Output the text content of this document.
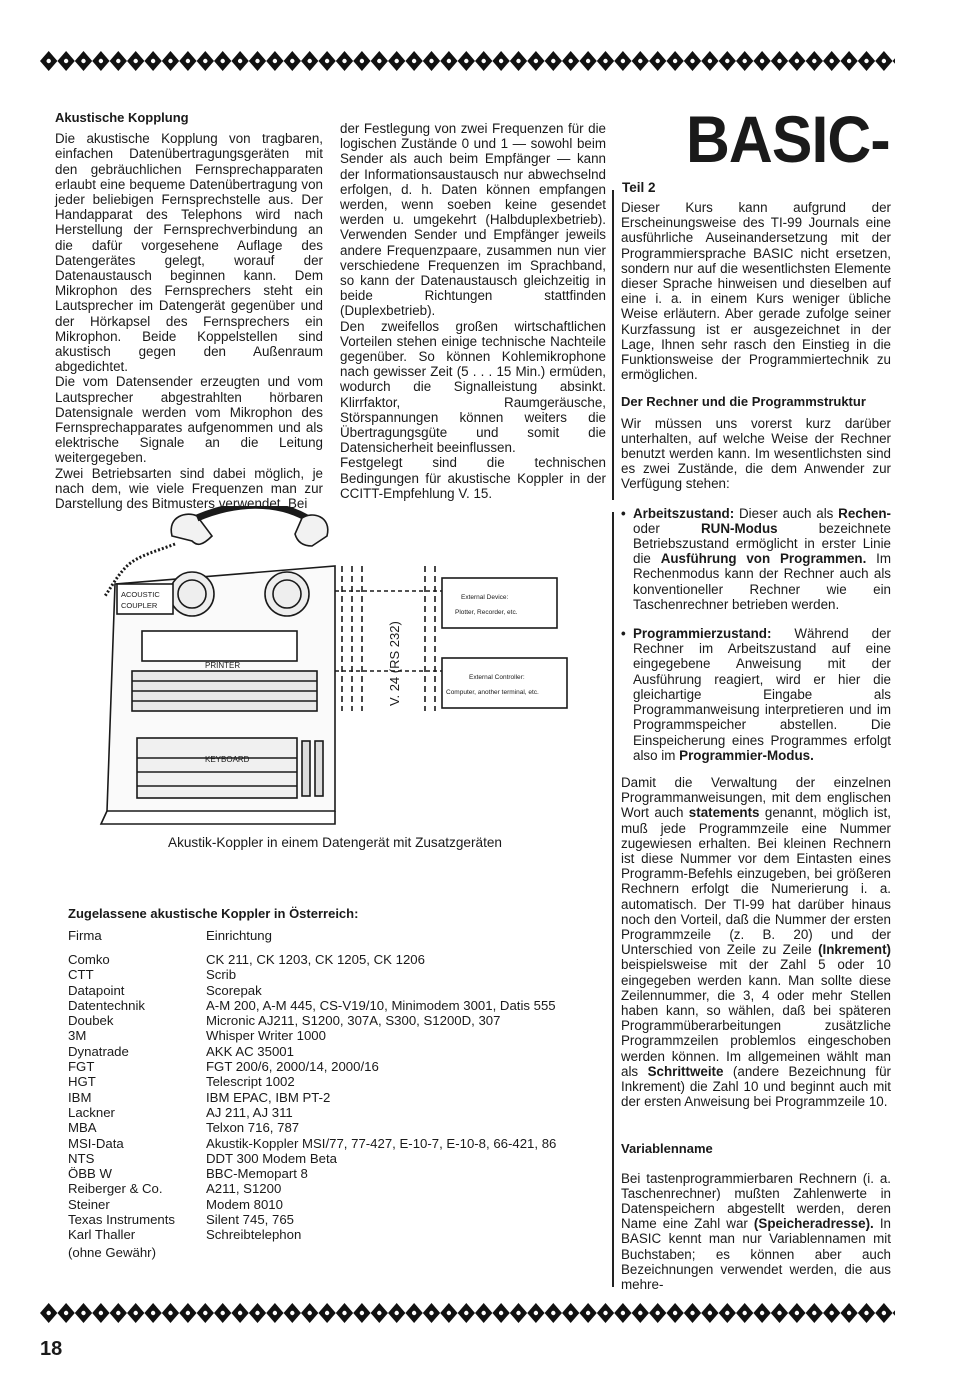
Akustische Kopplung

Die akustische Kopplung von tragbaren, einfachen Datenübertragungsgeräten mit den gebräuchlichen Fernsprechapparaten erlaubt eine bequeme Datenübertragung von jeder beliebigen Fernsprechstelle aus. Der Handapparat des Telephons wird nach Herstellung der Fernsprechverbindung an die dafür vorgesehene Auflage des Datengerätes gelegt, worauf der Datenaustausch beginnen kann. Dem Mikrophon des Fernsprechers steht ein Lautsprecher im Datengerät gegenüber und der Hörkapsel des Fernsprechers ein Mikrophon. Beide Koppelstellen sind akustisch gegen den Außenraum abgedichtet.
Die vom Datensender erzeugten und vom Lautsprecher abgestrahlten hörbaren Datensignale werden vom Mikrophon des Fernsprechapparates aufgenommen und als elektrische Signale an die Leitung weitergegeben.
Zwei Betriebsarten sind dabei möglich, je nach dem, wie viele Frequenzen man zur Darstellung des Bitmusters verwendet. Bei

der Festlegung von zwei Frequenzen für die logischen Zustände 0 und 1 — sowohl beim Sender als auch beim Empfänger — kann der Informationsaustausch nur abwechselnd erfolgen, d. h. Daten können empfangen werden, wenn soeben keine gesendet werden u. umgekehrt (Halbduplexbetrieb). Verwenden Sender und Empfänger jeweils andere Frequenzpaare, zusammen nun vier verschiedene Frequenzen im Sprachband, so kann der Datenaustausch gleichzeitig in beide Richtungen stattfinden (Duplexbetrieb).
Den zweifellos großen wirtschaftlichen Vorteilen stehen einige technische Nachteile gegenüber. So können Kohlemikrophone nach gewisser Zeit (5 . . . 15 Min.) ermüden, wodurch die Signalleistung absinkt. Klirrfaktor, Raumgeräusche, Störspannungen können weiters die Übertragungsgüte und somit die Datensicherheit beeinflussen.
Festgelegt sind die technischen Bedingungen für akustische Koppler in der CCITT-Empfehlung V. 15.

BASIC-
Teil 2

Dieser Kurs kann aufgrund der Erscheinungsweise des TI-99 Journals eine ausführliche Auseinandersetzung mit der Programmiersprache BASIC nicht ersetzen, sondern nur auf die wesentlichsten Elemente dieser Sprache hinweisen und dieselben auf eine i. a. in einem Kurs weniger übliche Weise erläutern. Aber gerade zufolge seiner Kurzfassung ist er ausgezeichnet in der Lage, Ihnen sehr rasch den Einstieg in die Funktionsweise der Programmiertechnik zu ermöglichen.

Der Rechner und die Programmstruktur

Wir müssen uns vorerst kurz darüber unterhalten, auf welche Weise der Rechner benutzt werden kann. Im wesentlichsten sind es zwei Zustände, die dem Anwender zur Verfügung stehen:

• Arbeitszustand: Dieser auch als Rechen- oder RUN-Modus bezeichnete Betriebszustand ermöglicht in erster Linie die Ausführung von Programmen. Im Rechenmodus kann der Rechner auch als konventioneller Rechner wie ein Taschenrechner betrieben werden.
• Programmierzustand: Während der Rechner im Arbeitszustand auf eine eingegebene Anweisung mit der Ausführung reagiert, wird er hier die gleichartige Eingabe als Programmanweisung interpretieren und im Programmspeicher abstellen. Die Einspeicherung eines Programmes erfolgt also im Programmier-Modus.

Damit die Verwaltung der einzelnen Programmanweisungen, mit dem englischen Wort auch statements genannt, möglich ist, muß jede Programmzeile eine Nummer zugewiesen erhalten. Bei kleinen Rechnern ist diese Nummer vor dem Eintasten eines Programm-Befehls einzugeben, bei größeren Rechnern erfolgt die Numerierung i. a. automatisch. Der TI-99 hat darüber hinaus noch den Vorteil, daß die Nummer der ersten Programmzeile (z. B. 20) und der Unterschied von Zeile zu Zeile (Inkrement) beispielsweise mit der Zahl 5 oder 10 eingegeben werden kann. Man sollte diese Zeilennummer, die 3, 4 oder mehr Stellen haben kann, so wählen, daß bei späteren Programmüberarbeitungen zusätzliche Programmzeilen problemlos eingeschoben werden können. Im allgemeinen wählt man als Schrittweite (andere Bezeichnung für Inkrement) die Zahl 10 und beginnt auch mit der ersten Anweisung bei Programmzeile 10.

Variablenname

Bei tastenprogrammierbaren Rechnern (i. a. Taschenrechner) mußten Zahlenwerte in Datenspeichern abgestellt werden, deren Name eine Zahl war (Speicheradresse). In BASIC kennt man nur Variablennamen mit Buchstaben; es können aber auch Bezeichnungen verwendet werden, die aus mehre-

ACOUSTIC
COUPLER
PRINTER
KEYBOARD
V. 24 (RS 232)
External Device:
Plotter, Recorder, etc.
External Controller:
Computer, another terminal, etc.
Akustik-Koppler in einem Datengerät mit Zusatzgeräten
Zugelassene akustische Koppler in Österreich:
Firma	Einrichtung
Comko	CK 211, CK 1203, CK 1205, CK 1206
CTT	Scrib
Datapoint	Scorepak
Datentechnik	A-M 200, A-M 445, CS-V19/10, Minimodem 3001, Datis 555
Doubek	Micronic AJ211, S1200, 307A, S300, S1200D, 307
3M	Whisper Writer 1000
Dynatrade	AKK AC 35001
FGT	FGT 200/6, 2000/14, 2000/16
HGT	Telescript 1002
IBM	IBM EPAC, IBM PT-2
Lackner	AJ 211, AJ 311
MBA	Telxon 716, 787
MSI-Data	Akustik-Koppler MSI/77, 77-427, E-10-7, E-10-8, 66-421, 86
NTS	DDT 300 Modem Beta
ÖBB W	BBC-Memopart 8
Reiberger & Co.	A211, S1200
Steiner	Modem 8010
Texas Instruments	Silent 745, 765
Karl Thaller	Schreibtelephon
(ohne Gewähr)
18
